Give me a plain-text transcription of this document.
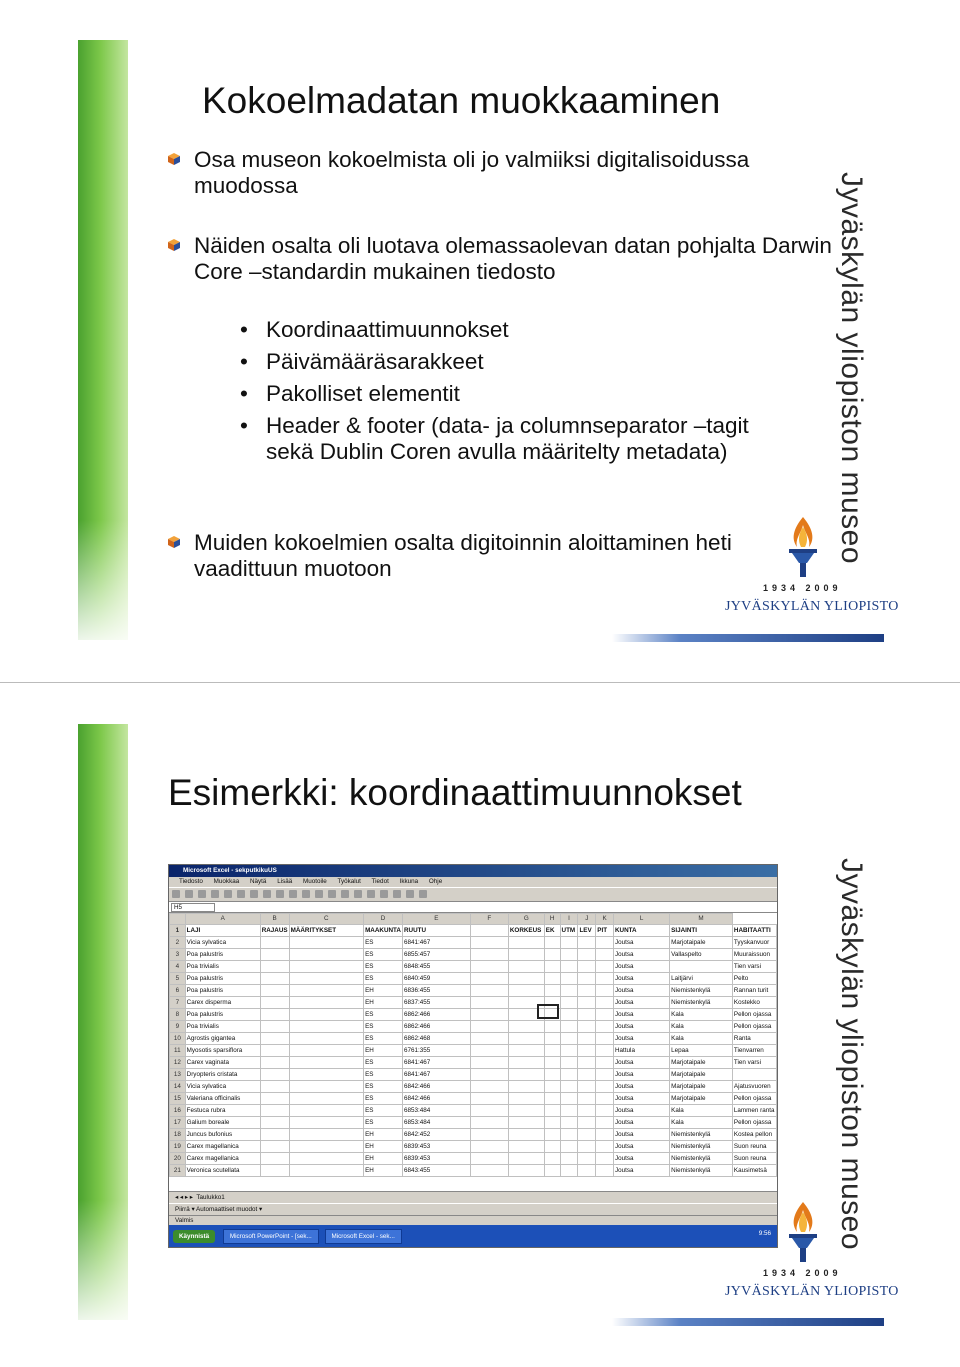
Kokoelmadatan muokkaaminen
Osa museon kokoelmista oli jo valmiiksi digitalisoidussa muodossa
Näiden osalta oli luotava olemassaolevan datan pohjalta Darwin Core –standardin mukainen tiedosto
• Koordinaattimuunnokset
• Päivämääräsarakkeet
• Pakolliset elementit
• Header & footer (data- ja columnseparator –tagit sekä Dublin Coren avulla määritelty metadata)
Muiden kokoelmien osalta digitoinnin aloittaminen heti vaadittuun muotoon
Jyväskylän yliopiston museo
1934 2009
JYVÄSKYLÄN YLIOPISTO
Esimerkki: koordinaattimuunnokset
Microsoft Excel - sekputkikuUS
Tiedosto Muokkaa Näytä Lisää Muotoile Työkalut Tiedot Ikkuna Ohje
H5
	A	B	C	D	E	F	G	H	I	J	K	L	M	
1	LAJI	RAJAUS	MÄÄRITYKSET	MAAKUNTA	RUUTU		KORKEUS	EK	UTM	LEV	PIT	KUNTA	SIJAINTI	HABITAATTI
2	Vicia sylvatica			ES	6841:467							Joutsa	Marjotaipale	Tyyskanvuor
3	Poa palustris			ES	6855:457							Joutsa	Vallaspelto	Muuraissuon
4	Poa trivialis			ES	6848:455							Joutsa		Tien varsi
5	Poa palustris			ES	6840:459							Joutsa	Laitjärvi	Pelto
6	Poa palustris			EH	6836:455							Joutsa	Niemistenkylä	Rannan turit
7	Carex disperma			EH	6837:455							Joutsa	Niemistenkylä	Kostekko
8	Poa palustris			ES	6862:466							Joutsa	Kala	Pellon ojassa
9	Poa trivialis			ES	6862:466							Joutsa	Kala	Pellon ojassa
10	Agrostis gigantea			ES	6862:468							Joutsa	Kala	Ranta
11	Myosotis sparsiflora			EH	6761:355							Hattula	Lepaa	Tienvarren
12	Carex vaginata			ES	6841:467							Joutsa	Marjotaipale	Tien varsi
13	Dryopteris cristata			ES	6841:467							Joutsa	Marjotaipale	
14	Vicia sylvatica			ES	6842:466							Joutsa	Marjotaipale	Ajatusvuoren
15	Valeriana officinalis			ES	6842:466							Joutsa	Marjotaipale	Pellon ojassa
16	Festuca rubra			ES	6853:484							Joutsa	Kala	Lammen ranta
17	Galium boreale			ES	6853:484							Joutsa	Kala	Pellon ojassa
18	Juncus bufonius			EH	6842:452							Joutsa	Niemistenkylä	Kostea pellon
19	Carex magellanica			EH	6839:453							Joutsa	Niemistenkylä	Suon reuna
20	Carex magellanica			EH	6839:453							Joutsa	Niemistenkylä	Suon reuna
21	Veronica scutellata			EH	6843:455							Joutsa	Niemistenkylä	Kausimetsä
◂ ◂ ▸ ▸  Taulukko1
Piirrä ▾ Automaattiset muodot ▾
Valmis
Käynnistä	Microsoft PowerPoint - [sek...	Microsoft Excel - sek...	9:56 Jyväskylän yliopiston museo
1934 2009
JYVÄSKYLÄN YLIOPISTO
